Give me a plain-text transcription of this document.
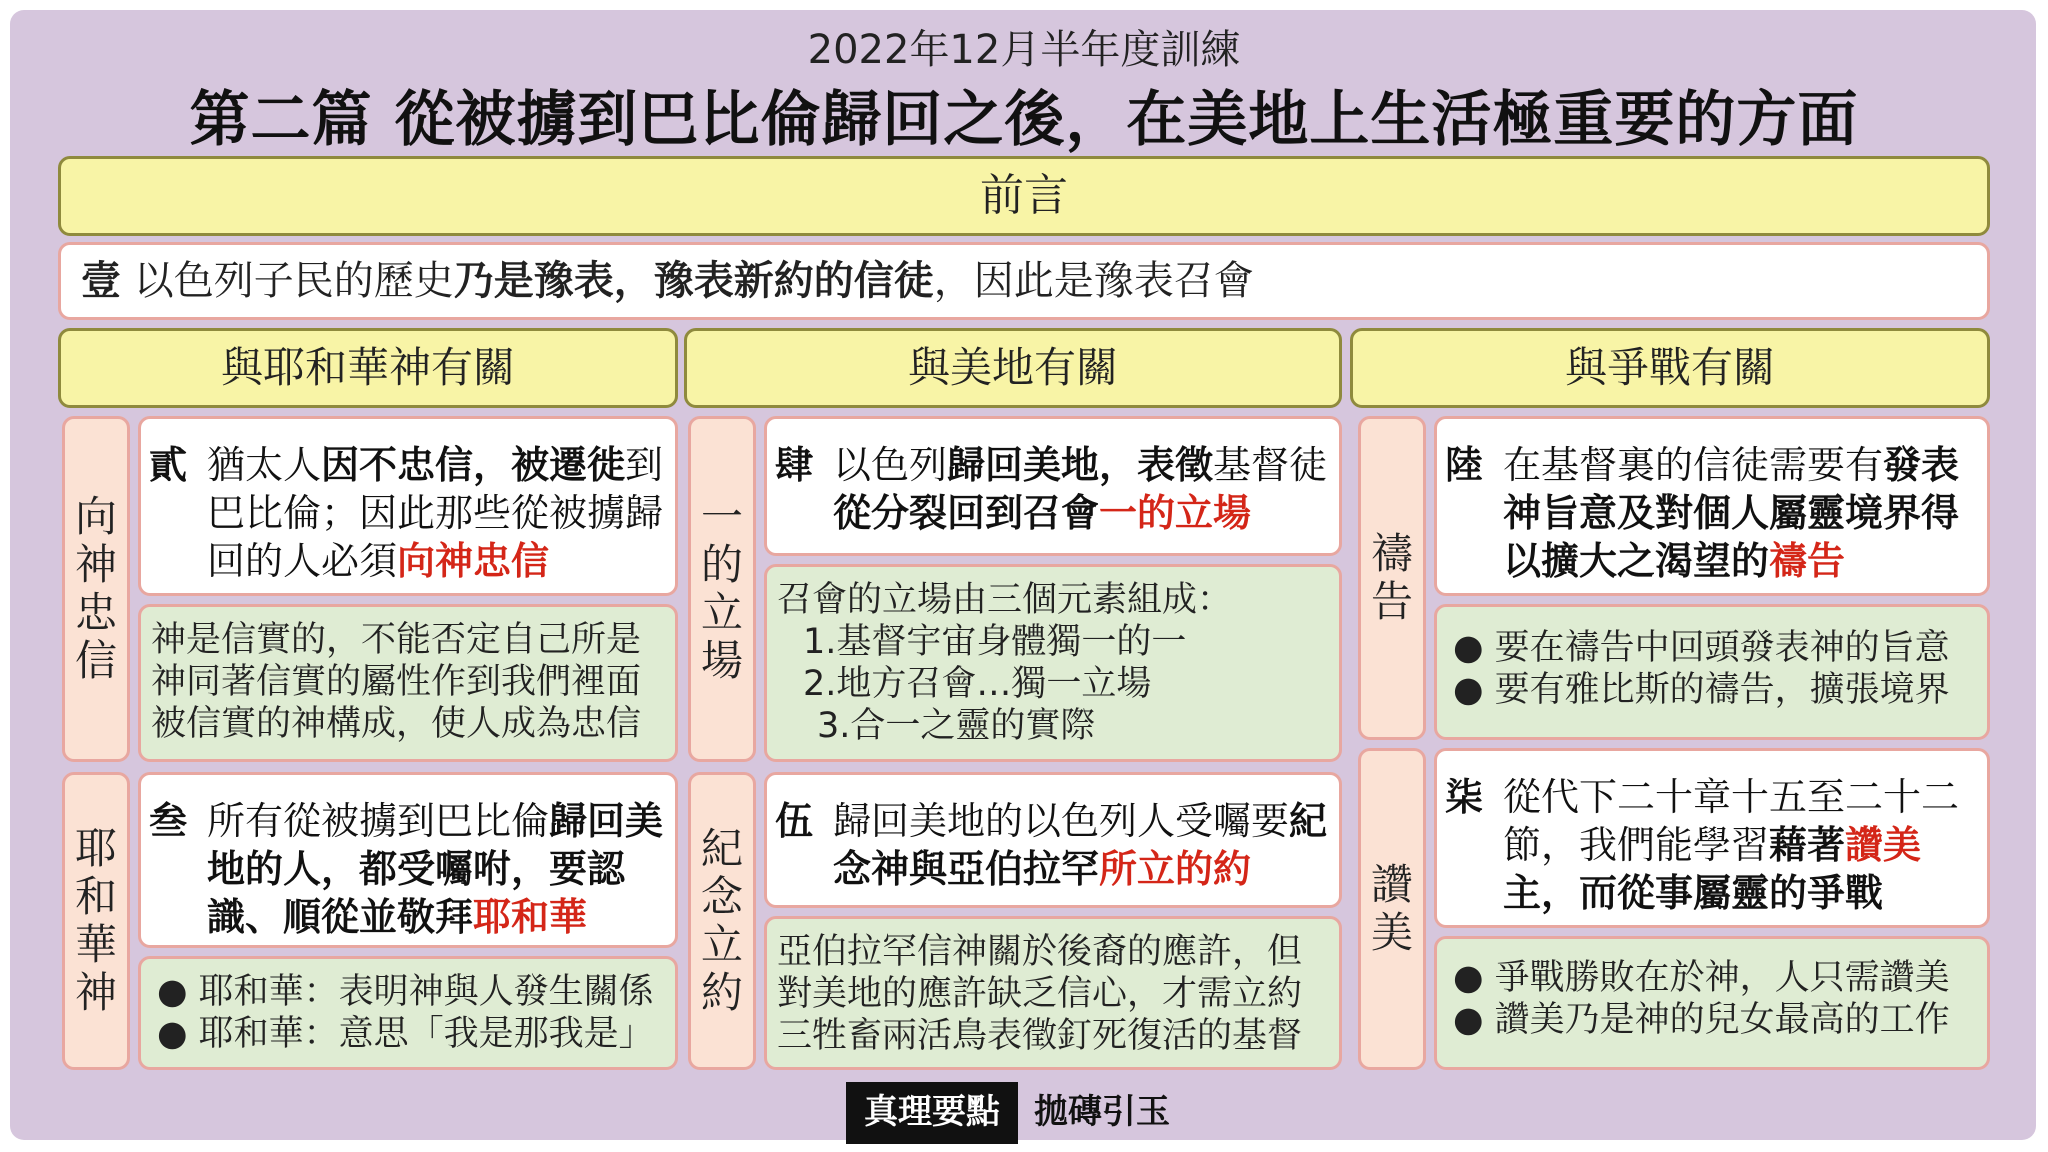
2022年12月半年度訓練
第二篇 從被擄到巴比倫歸回之後，在美地上生活極重要的方面
前言
壹 以色列子民的歷史乃是豫表，豫表新約的信徒，因此是豫表召會
與耶和華神有關	與美地有關	與爭戰有關
向神忠信
貳 猶太人因不忠信，被遷徙到巴比倫；因此那些從被擄歸回的人必須向神忠信
神是信實的，不能否定自己所是神同著信實的屬性作到我們裡面被信實的神構成，使人成為忠信
耶和華神
叁 所有從被擄到巴比倫歸回美地的人，都受囑咐，要認識、順從並敬拜耶和華
● 耶和華：表明神與人發生關係
● 耶和華：意思「我是那我是」
一的立場
肆 以色列歸回美地，表徵基督徒從分裂回到召會一的立場
召會的立場由三個元素組成：
1.基督宇宙身體獨一的一
2.地方召會…獨一立場
3.合一之靈的實際
紀念立約
伍 歸回美地的以色列人受囑要紀念神與亞伯拉罕所立的約
亞伯拉罕信神關於後裔的應許，但對美地的應許缺乏信心，才需立約三牲畜兩活鳥表徵釘死復活的基督
禱告
陸 在基督裏的信徒需要有發表神旨意及對個人屬靈境界得以擴大之渴望的禱告
● 要在禱告中回頭發表神的旨意
● 要有雅比斯的禱告，擴張境界
讚美
柒 從代下二十章十五至二十二節，我們能學習藉著讚美主，而從事屬靈的爭戰
● 爭戰勝敗在於神，人只需讚美
● 讚美乃是神的兒女最高的工作
真理要點	拋磚引玉
